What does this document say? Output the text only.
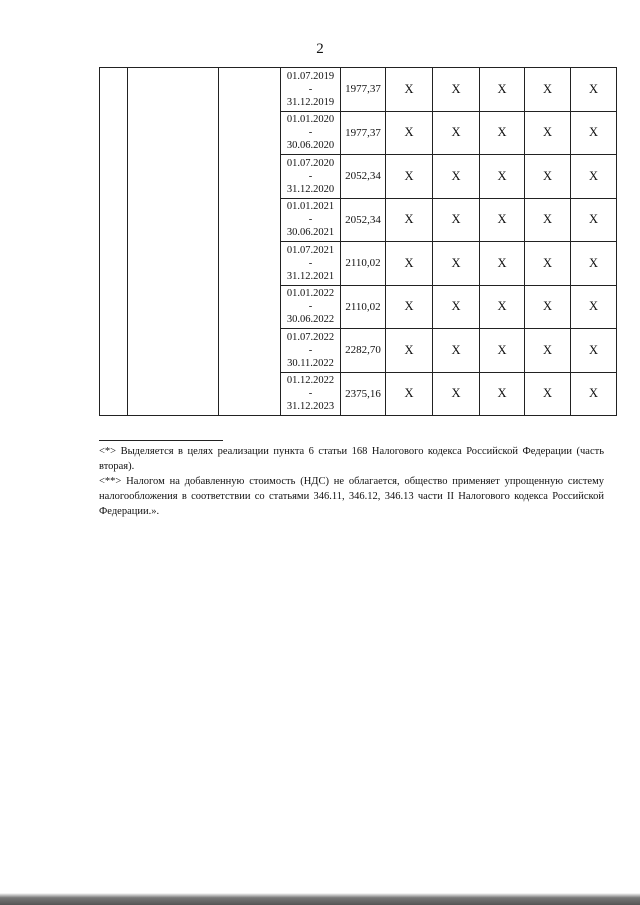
2

			01.07.2019
-
31.12.2019	1977,37	X	X	X	X	X

			01.01.2020
-
30.06.2020	1977,37	X	X	X	X	X

			01.07.2020
-
31.12.2020	2052,34	X	X	X	X	X

			01.01.2021
-
30.06.2021	2052,34	X	X	X	X	X

			01.07.2021
-
31.12.2021	2110,02	X	X	X	X	X

			01.01.2022
-
30.06.2022	2110,02	X	X	X	X	X

			01.07.2022
-
30.11.2022	2282,70	X	X	X	X	X

			01.12.2022
-
31.12.2023	2375,16	X	X	X	X	X

<*> Выделяется в целях реализации пункта 6 статьи 168 Налогового кодекса Российской Федерации (часть вторая).

<**> Налогом на добавленную стоимость (НДС) не облагается, общество применяет упрощенную систему налогообложения в соответствии со статьями 346.11, 346.12, 346.13 части II Налогового кодекса Российской Федерации.».
